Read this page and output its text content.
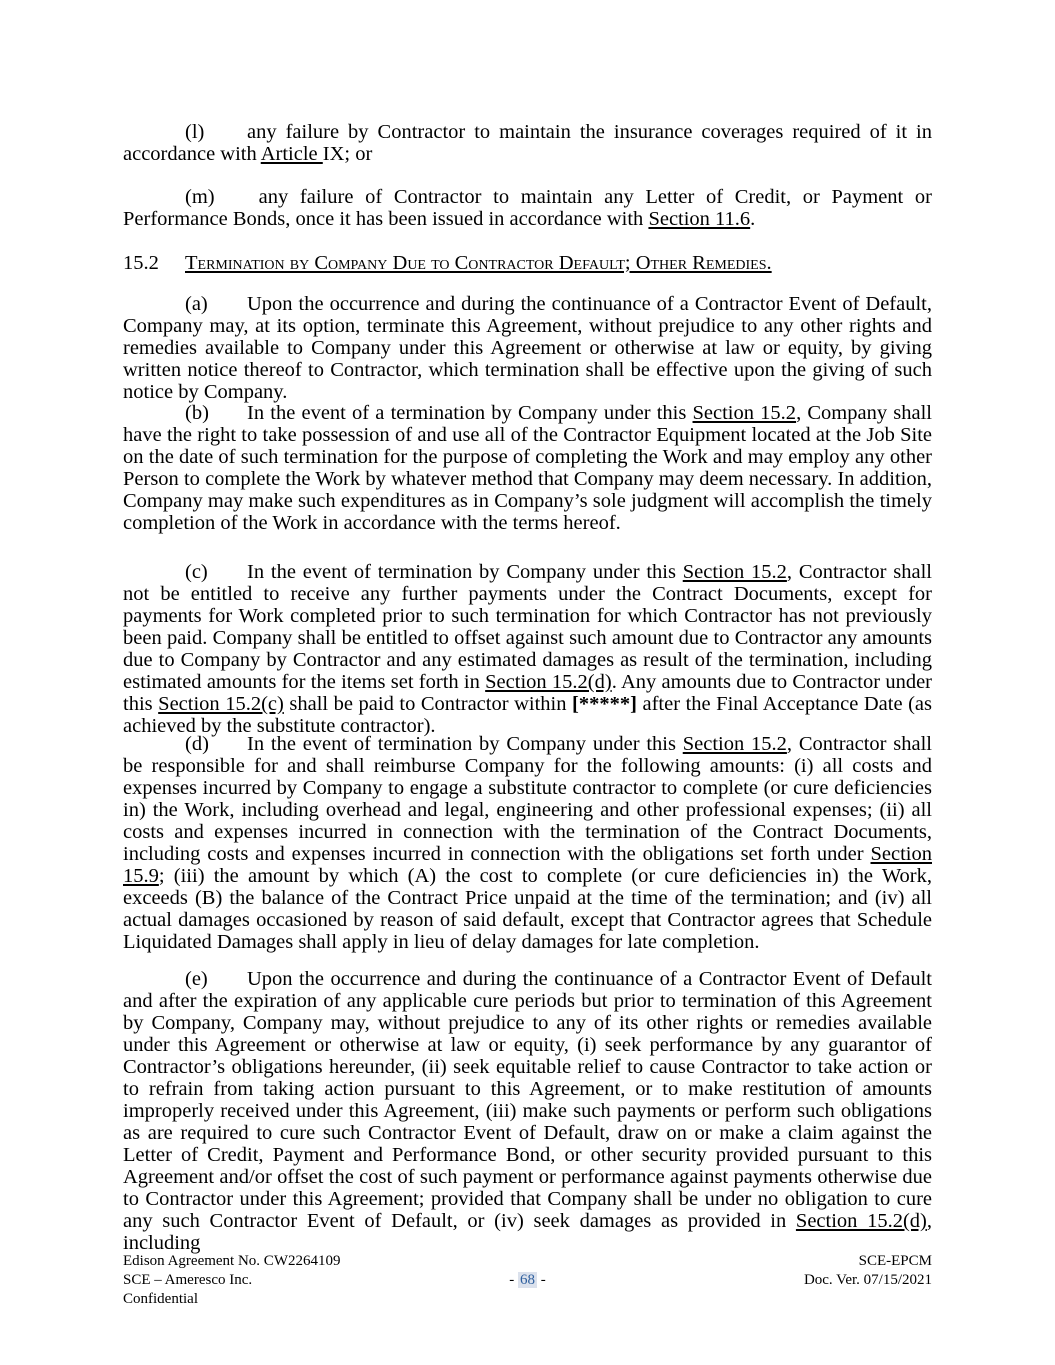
(l) any failure by Contractor to maintain the insurance coverages required of it in accordance with Article IX; or
(m) any failure of Contractor to maintain any Letter of Credit, or Payment or Performance Bonds, once it has been issued in accordance with Section 11.6.
15.2 Termination by Company Due to Contractor Default; Other Remedies.
(a) Upon the occurrence and during the continuance of a Contractor Event of Default, Company may, at its option, terminate this Agreement, without prejudice to any other rights and remedies available to Company under this Agreement or otherwise at law or equity, by giving written notice thereof to Contractor, which termination shall be effective upon the giving of such notice by Company.
(b) In the event of a termination by Company under this Section 15.2, Company shall have the right to take possession of and use all of the Contractor Equipment located at the Job Site on the date of such termination for the purpose of completing the Work and may employ any other Person to complete the Work by whatever method that Company may deem necessary. In addition, Company may make such expenditures as in Company’s sole judgment will accomplish the timely completion of the Work in accordance with the terms hereof.
(c) In the event of termination by Company under this Section 15.2, Contractor shall not be entitled to receive any further payments under the Contract Documents, except for payments for Work completed prior to such termination for which Contractor has not previously been paid. Company shall be entitled to offset against such amount due to Contractor any amounts due to Company by Contractor and any estimated damages as result of the termination, including estimated amounts for the items set forth in Section 15.2(d). Any amounts due to Contractor under this Section 15.2(c) shall be paid to Contractor within [*****] after the Final Acceptance Date (as achieved by the substitute contractor).
(d) In the event of termination by Company under this Section 15.2, Contractor shall be responsible for and shall reimburse Company for the following amounts: (i) all costs and expenses incurred by Company to engage a substitute contractor to complete (or cure deficiencies in) the Work, including overhead and legal, engineering and other professional expenses; (ii) all costs and expenses incurred in connection with the termination of the Contract Documents, including costs and expenses incurred in connection with the obligations set forth under Section 15.9; (iii) the amount by which (A) the cost to complete (or cure deficiencies in) the Work, exceeds (B) the balance of the Contract Price unpaid at the time of the termination; and (iv) all actual damages occasioned by reason of said default, except that Contractor agrees that Schedule Liquidated Damages shall apply in lieu of delay damages for late completion.
(e) Upon the occurrence and during the continuance of a Contractor Event of Default and after the expiration of any applicable cure periods but prior to termination of this Agreement by Company, Company may, without prejudice to any of its other rights or remedies available under this Agreement or otherwise at law or equity, (i) seek performance by any guarantor of Contractor’s obligations hereunder, (ii) seek equitable relief to cause Contractor to take action or to refrain from taking action pursuant to this Agreement, or to make restitution of amounts improperly received under this Agreement, (iii) make such payments or perform such obligations as are required to cure such Contractor Event of Default, draw on or make a claim against the Letter of Credit, Payment and Performance Bond, or other security provided pursuant to this Agreement and/or offset the cost of such payment or performance against payments otherwise due to Contractor under this Agreement; provided that Company shall be under no obligation to cure any such Contractor Event of Default, or (iv) seek damages as provided in Section 15.2(d), including
Edison Agreement No. CW2264109
SCE – Ameresco Inc.
Confidential
- 68 -
SCE-EPCM
Doc. Ver. 07/15/2021
